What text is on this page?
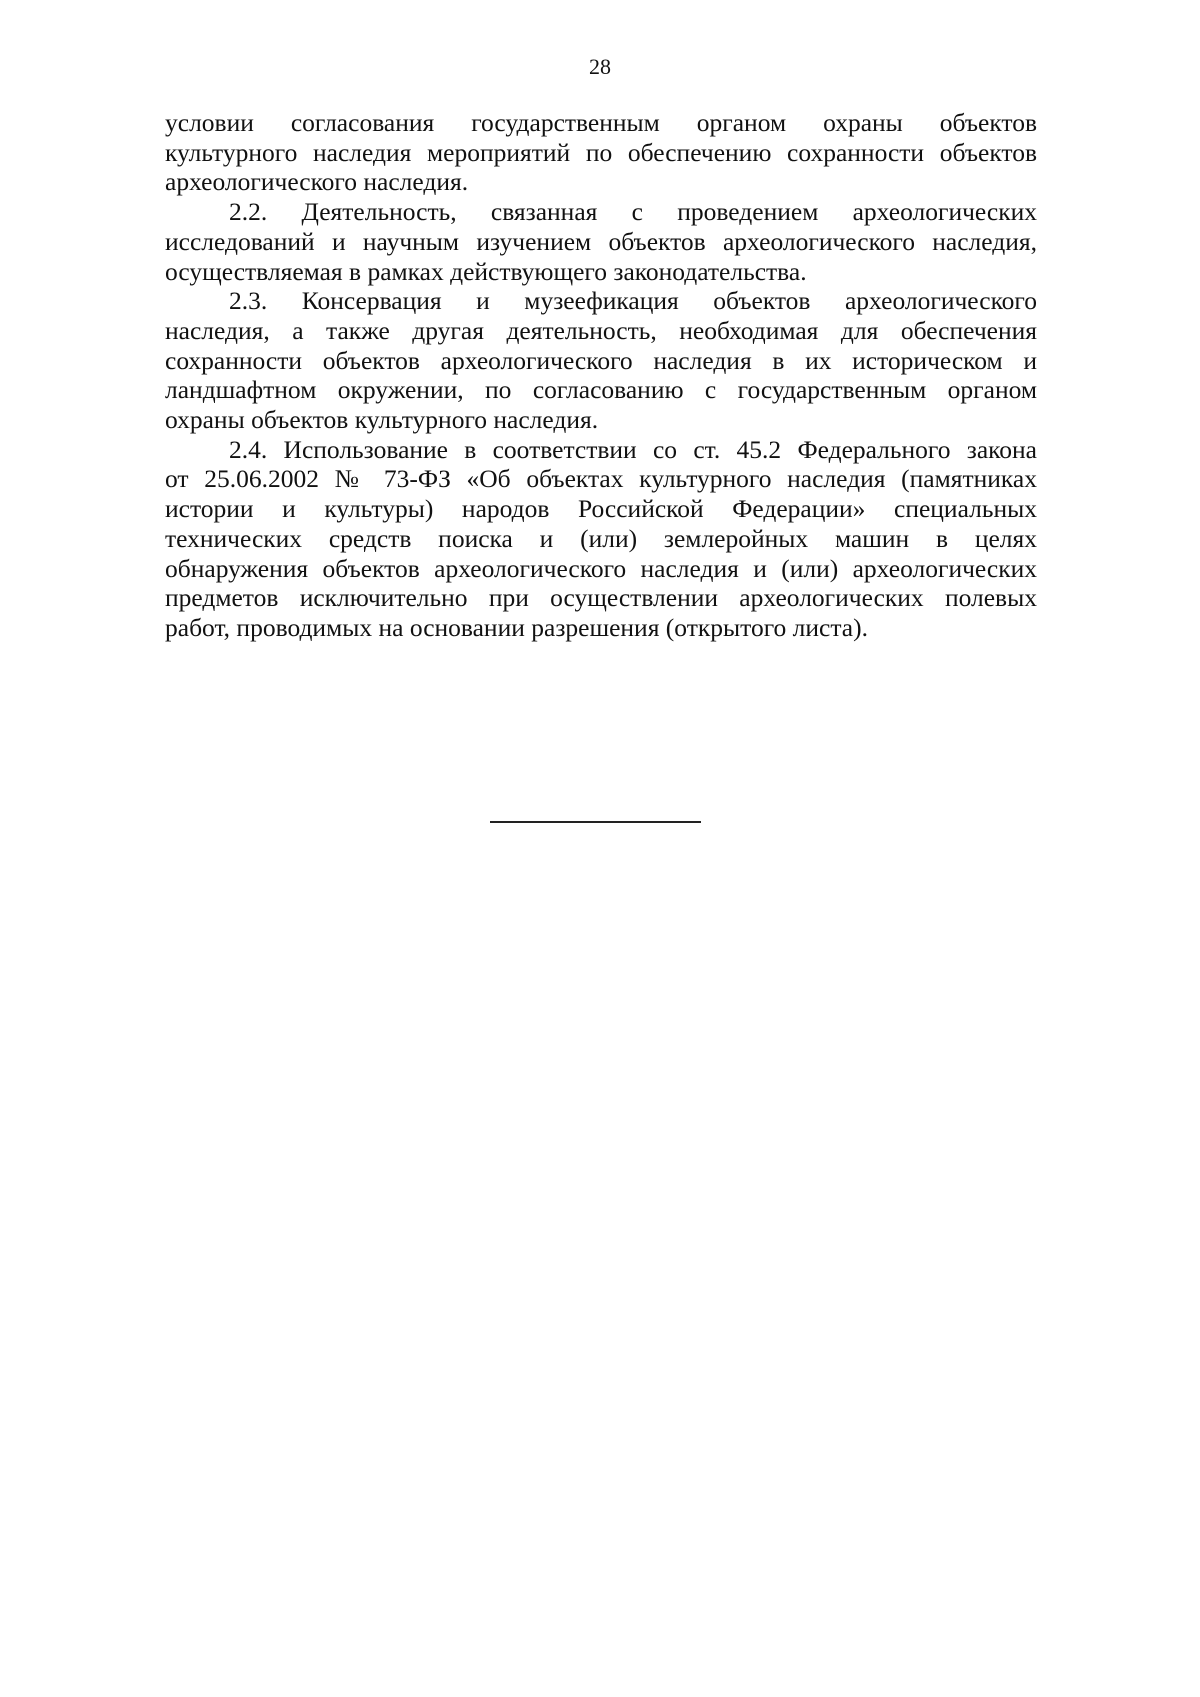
28
условии согласования государственным органом охраны объектов
культурного наследия мероприятий по обеспечению сохранности объектов
археологического наследия.
2.2. Деятельность, связанная с проведением археологических
исследований и научным изучением объектов археологического наследия,
осуществляемая в рамках действующего законодательства.
2.3. Консервация и музеефикация объектов археологического
наследия, а также другая деятельность, необходимая для обеспечения
сохранности объектов археологического наследия в их историческом и
ландшафтном окружении, по согласованию с государственным органом
охраны объектов культурного наследия.
2.4. Использование в соответствии со ст. 45.2 Федерального закона
от 25.06.2002 № 73-ФЗ «Об объектах культурного наследия (памятниках
истории и культуры) народов Российской Федерации» специальных
технических средств поиска и (или) землеройных машин в целях
обнаружения объектов археологического наследия и (или) археологических
предметов исключительно при осуществлении археологических полевых
работ, проводимых на основании разрешения (открытого листа).
